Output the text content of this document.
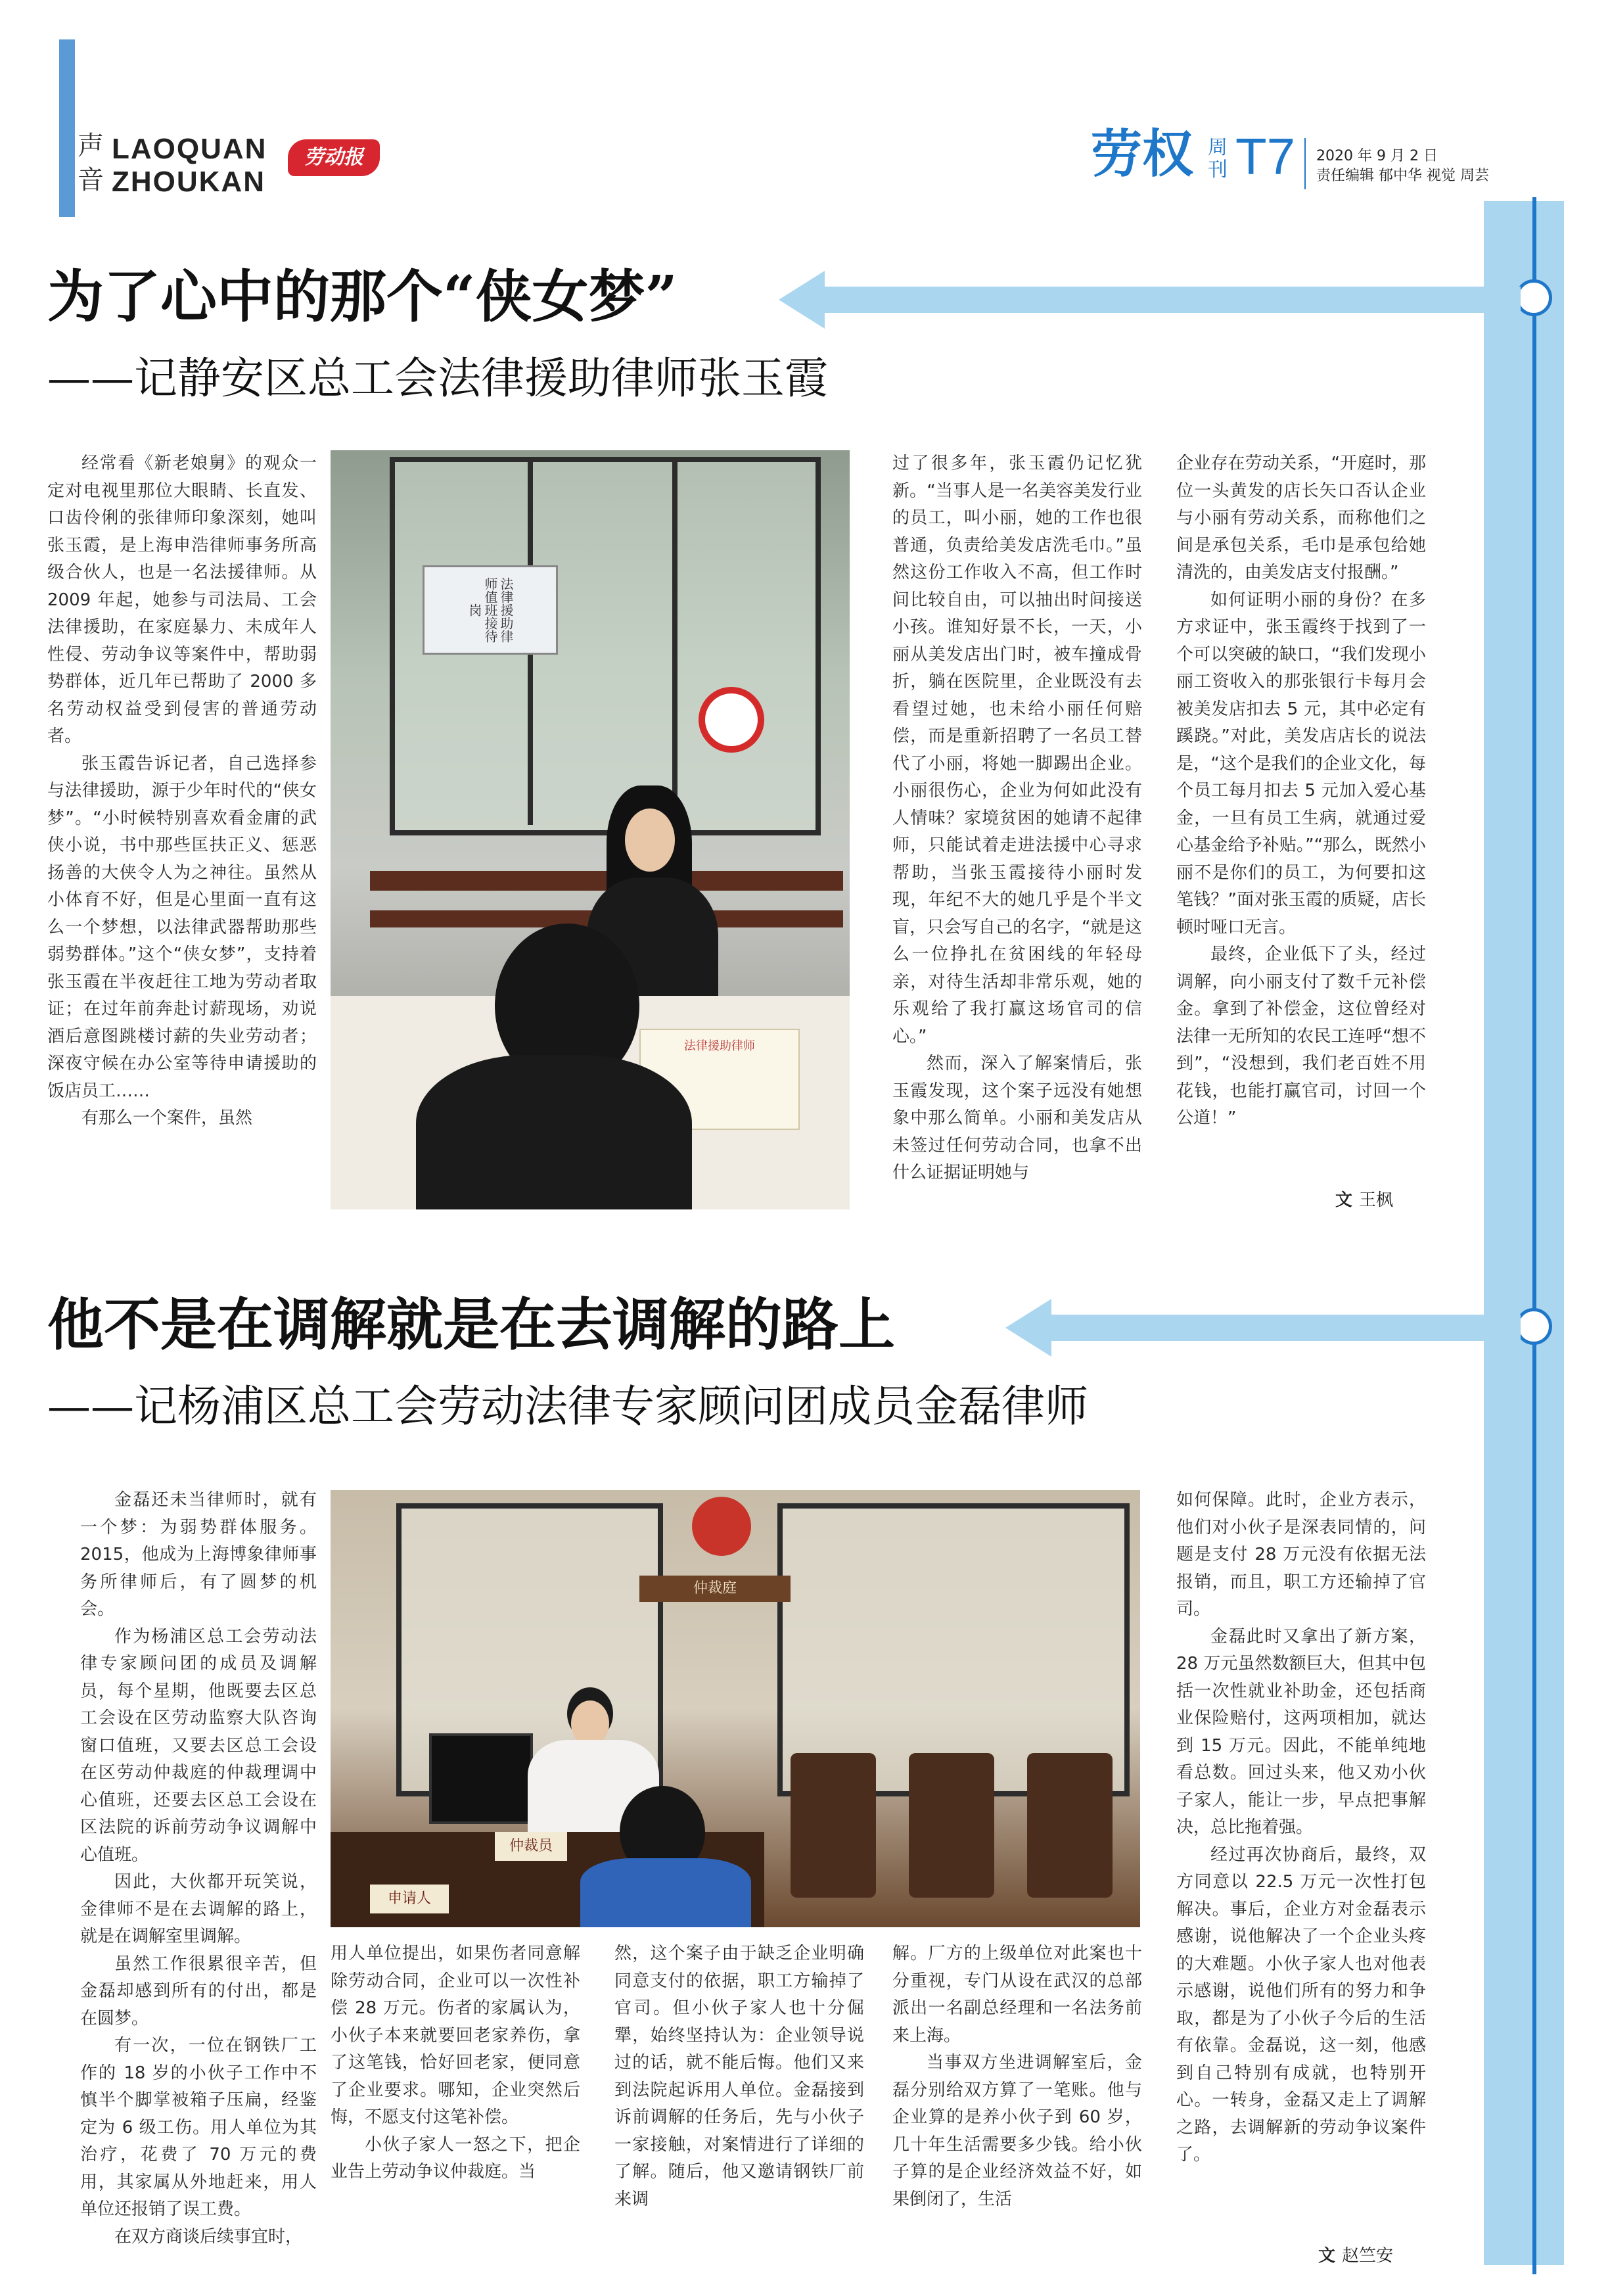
声
音
LAOQUAN
ZHOUKAN
劳动报	劳权 周刊 T7 2020 年 9 月 2 日
责任编辑 郁中华 视觉 周芸
为了心中的那个“侠女梦”
——记静安区总工会法律援助律师张玉霞

经常看《新老娘舅》的观众一定对电视里那位大眼睛、长直发、口齿伶俐的张律师印象深刻，她叫张玉霞，是上海申浩律师事务所高级合伙人，也是一名法援律师。从 2009 年起，她参与司法局、工会法律援助，在家庭暴力、未成年人性侵、劳动争议等案件中，帮助弱势群体，近几年已帮助了 2000 多名劳动权益受到侵害的普通劳动者。

张玉霞告诉记者，自己选择参与法律援助，源于少年时代的“侠女梦”。“小时候特别喜欢看金庸的武侠小说，书中那些匡扶正义、惩恶扬善的大侠令人为之神往。虽然从小体育不好，但是心里面一直有这么一个梦想，以法律武器帮助那些弱势群体。”这个“侠女梦”，支持着张玉霞在半夜赶往工地为劳动者取证；在过年前奔赴讨薪现场，劝说酒后意图跳楼讨薪的失业劳动者；深夜守候在办公室等待申请援助的饭店员工……

有那么一个案件，虽然

法律援助律师值班接待岗
法律援助律师

过了很多年，张玉霞仍记忆犹新。“当事人是一名美容美发行业的员工，叫小丽，她的工作也很普通，负责给美发店洗毛巾。”虽然这份工作收入不高，但工作时间比较自由，可以抽出时间接送小孩。谁知好景不长，一天，小丽从美发店出门时，被车撞成骨折，躺在医院里，企业既没有去看望过她，也未给小丽任何赔偿，而是重新招聘了一名员工替代了小丽，将她一脚踢出企业。小丽很伤心，企业为何如此没有人情味？家境贫困的她请不起律师，只能试着走进法援中心寻求帮助，当张玉霞接待小丽时发现，年纪不大的她几乎是个半文盲，只会写自己的名字，“就是这么一位挣扎在贫困线的年轻母亲，对待生活却非常乐观，她的乐观给了我打赢这场官司的信心。”

然而，深入了解案情后，张玉霞发现，这个案子远没有她想象中那么简单。小丽和美发店从未签过任何劳动合同，也拿不出什么证据证明她与

企业存在劳动关系，“开庭时，那位一头黄发的店长矢口否认企业与小丽有劳动关系，而称他们之间是承包关系，毛巾是承包给她清洗的，由美发店支付报酬。”

如何证明小丽的身份？在多方求证中，张玉霞终于找到了一个可以突破的缺口，“我们发现小丽工资收入的那张银行卡每月会被美发店扣去 5 元，其中必定有蹊跷。”对此，美发店店长的说法是，“这个是我们的企业文化，每个员工每月扣去 5 元加入爱心基金，一旦有员工生病，就通过爱心基金给予补贴。”“那么，既然小丽不是你们的员工，为何要扣这笔钱？”面对张玉霞的质疑，店长顿时哑口无言。

最终，企业低下了头，经过调解，向小丽支付了数千元补偿金。拿到了补偿金，这位曾经对法律一无所知的农民工连呼“想不到”，“没想到，我们老百姓不用花钱，也能打赢官司，讨回一个公道！”

文 王枫
他不是在调解就是在去调解的路上
——记杨浦区总工会劳动法律专家顾问团成员金磊律师

金磊还未当律师时，就有一个梦：为弱势群体服务。2015，他成为上海博象律师事务所律师后，有了圆梦的机会。

作为杨浦区总工会劳动法律专家顾问团的成员及调解员，每个星期，他既要去区总工会设在区劳动监察大队咨询窗口值班，又要去区总工会设在区劳动仲裁庭的仲裁理调中心值班，还要去区总工会设在区法院的诉前劳动争议调解中心值班。

因此，大伙都开玩笑说，金律师不是在去调解的路上，就是在调解室里调解。

虽然工作很累很辛苦，但金磊却感到所有的付出，都是在圆梦。

有一次，一位在钢铁厂工作的 18 岁的小伙子工作中不慎半个脚掌被箱子压扁，经鉴定为 6 级工伤。用人单位为其治疗，花费了 70 万元的费用，其家属从外地赶来，用人单位还报销了误工费。

在双方商谈后续事宜时，

仲裁庭
仲裁员
申请人

用人单位提出，如果伤者同意解除劳动合同，企业可以一次性补偿 28 万元。伤者的家属认为，小伙子本来就要回老家养伤，拿了这笔钱，恰好回老家，便同意了企业要求。哪知，企业突然后悔，不愿支付这笔补偿。

小伙子家人一怒之下，把企业告上劳动争议仲裁庭。当

然，这个案子由于缺乏企业明确同意支付的依据，职工方输掉了官司。但小伙子家人也十分倔犟，始终坚持认为：企业领导说过的话，就不能后悔。他们又来到法院起诉用人单位。金磊接到诉前调解的任务后，先与小伙子一家接触，对案情进行了详细的了解。随后，他又邀请钢铁厂前来调

解。厂方的上级单位对此案也十分重视，专门从设在武汉的总部派出一名副总经理和一名法务前来上海。

当事双方坐进调解室后，金磊分别给双方算了一笔账。他与企业算的是养小伙子到 60 岁，几十年生活需要多少钱。给小伙子算的是企业经济效益不好，如果倒闭了，生活

如何保障。此时，企业方表示，他们对小伙子是深表同情的，问题是支付 28 万元没有依据无法报销，而且，职工方还输掉了官司。

金磊此时又拿出了新方案，28 万元虽然数额巨大，但其中包括一次性就业补助金，还包括商业保险赔付，这两项相加，就达到 15 万元。因此，不能单纯地看总数。回过头来，他又劝小伙子家人，能让一步，早点把事解决，总比拖着强。

经过再次协商后，最终，双方同意以 22.5 万元一次性打包解决。事后，企业方对金磊表示感谢，说他解决了一个企业头疼的大难题。小伙子家人也对他表示感谢，说他们所有的努力和争取，都是为了小伙子今后的生活有依靠。金磊说，这一刻，他感到自己特别有成就，也特别开心。一转身，金磊又走上了调解之路，去调解新的劳动争议案件了。

文 赵竺安
